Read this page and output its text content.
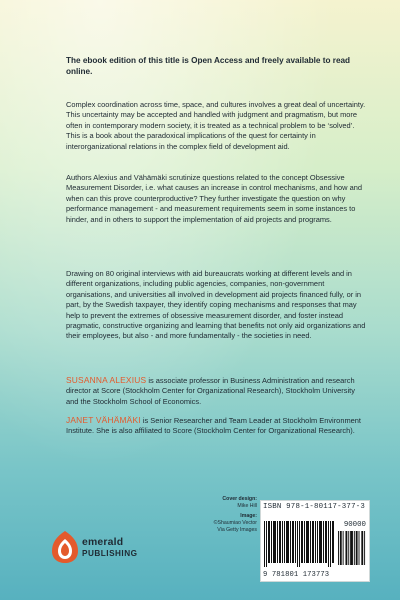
The ebook edition of this title is Open Access and freely available to read online.

Complex coordination across time, space, and cultures involves a great deal of uncertainty. This uncertainty may be accepted and handled with judgment and pragmatism, but more often in contemporary modern society, it is treated as a technical problem to be ‘solved’. This is a book about the paradoxical implications of the quest for certainty in interorganizational relations in the complex field of development aid.

Authors Alexius and Vähämäki scrutinize questions related to the concept Obsessive Measurement Disorder, i.e. what causes an increase in control mechanisms, and how and when can this prove counterproductive? They further investigate the question on why performance management - and measurement requirements seem in some instances to hinder, and in others to support the implementation of aid projects and programs.

Drawing on 80 original interviews with aid bureaucrats working at different levels and in different organizations, including public agencies, companies, non-government organisations, and universities all involved in development aid projects financed fully, or in part, by the Swedish taxpayer, they identify coping mechanisms and responses that may help to prevent the extremes of obsessive measurement disorder, and foster instead pragmatic, constructive organizing and learning that benefits not only aid organizations and their employees, but also - and more fundamentally - the societies in need.

SUSANNA ALEXIUS is associate professor in Business Administration and research director at Score (Stockholm Center for Organizational Research), Stockholm University and the Stockholm School of Economics.

JANET VÄHÄMÄKI is Senior Researcher and Team Leader at Stockholm Environment Institute. She is also affiliated to Score (Stockholm Center for Organizational Research).

Cover design:
Mike Hill
Image:
©Shaumiao Vector
Via Getty Images
ISBN 978-1-80117-377-3
90000
9 781801 173773
emerald
PUBLISHING
